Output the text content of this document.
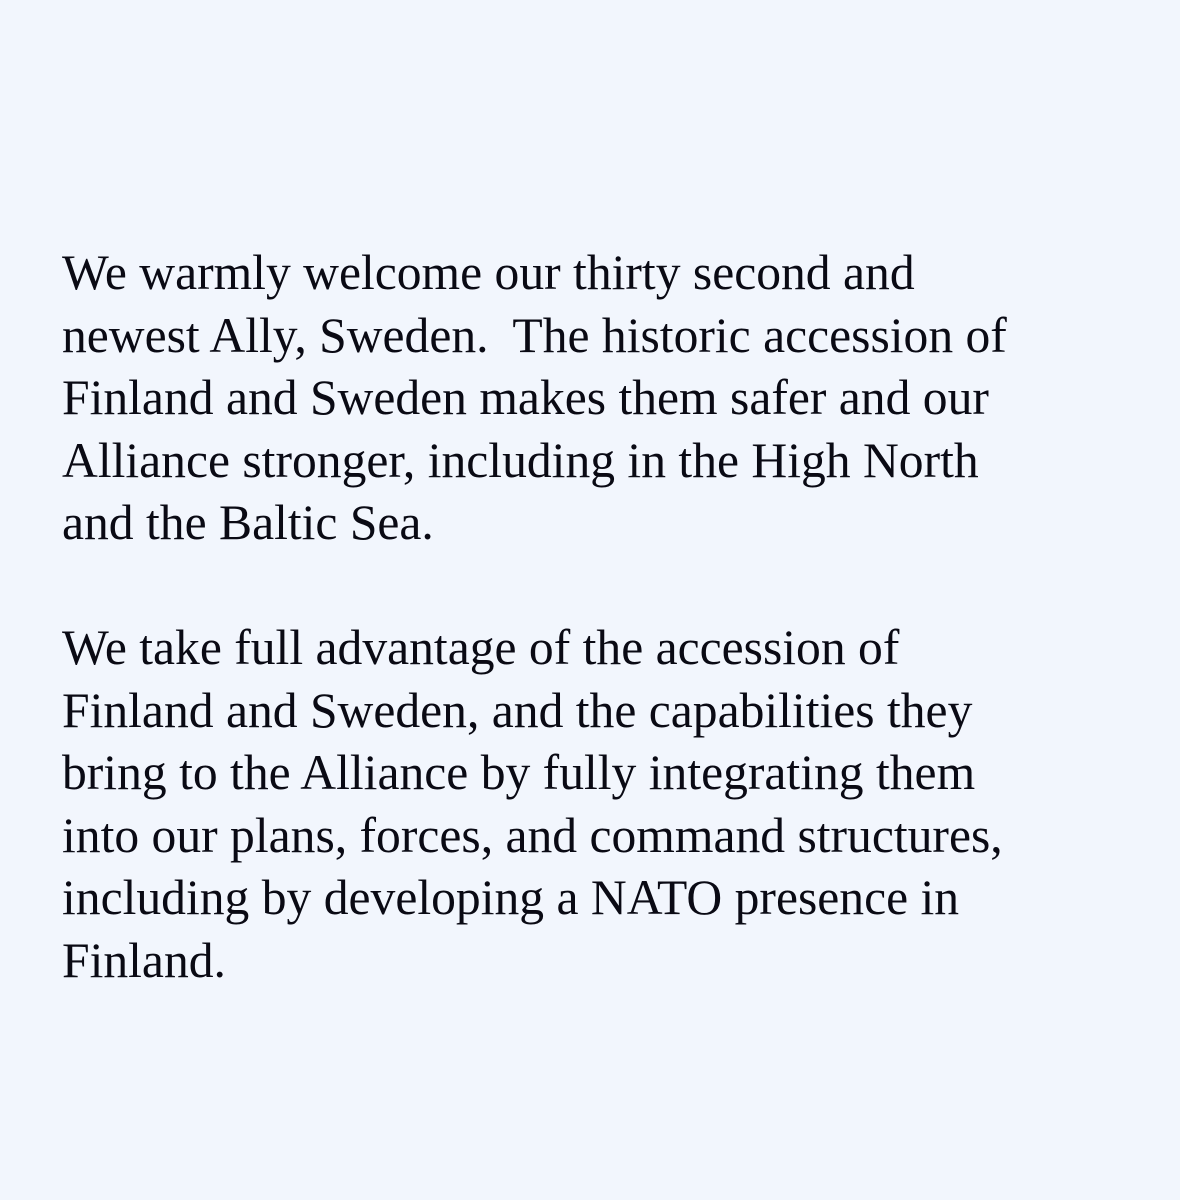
We warmly welcome our thirty second and
newest Ally, Sweden.  The historic accession of
Finland and Sweden makes them safer and our
Alliance stronger, including in the High North
and the Baltic Sea.
We take full advantage of the accession of
Finland and Sweden, and the capabilities they
bring to the Alliance by fully integrating them
into our plans, forces, and command structures,
including by developing a NATO presence in
Finland.
